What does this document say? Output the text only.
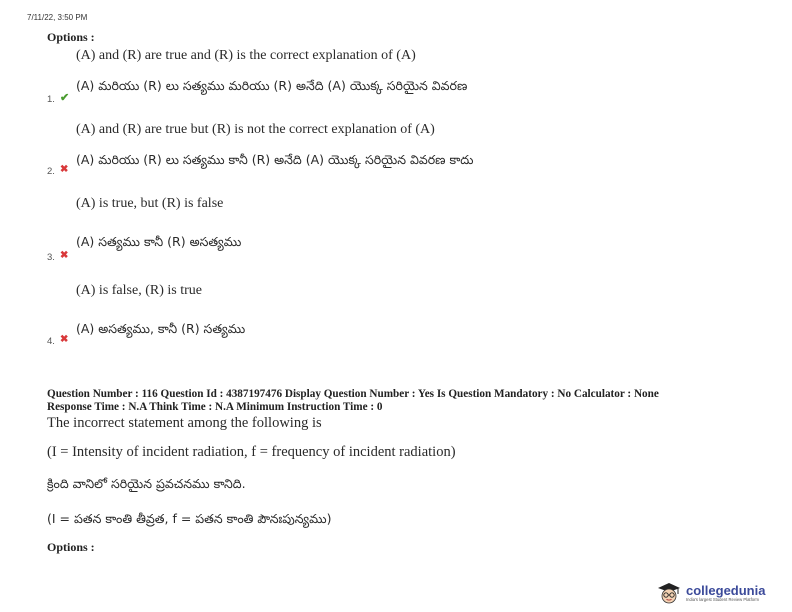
7/11/22, 3:50 PM
Options :
(A) and (R) are true and (R) is the correct explanation of (A)
(A) మరియు (R) లు సత్యము మరియు (R) అనేది (A) యొక్క సరియైన వివరణ
1. ✔
(A) and (R) are true but (R) is not the correct explanation of (A)
(A) మరియు (R) లు సత్యము కానీ (R) అనేది (A) యొక్క సరియైన వివరణ కాదు
2. ✖
(A) is true, but (R) is false
(A) సత్యము కానీ (R) అసత్యము
3. ✖
(A) is false, (R) is true
(A) అసత్యము, కానీ (R) సత్యము
4. ✖
Question Number : 116 Question Id : 4387197476 Display Question Number : Yes Is Question Mandatory : No Calculator : None
Response Time : N.A Think Time : N.A Minimum Instruction Time : 0
The incorrect statement among the following is
(I = Intensity of incident radiation, f = frequency of incident radiation)
క్రింది వానిలో సరియైన ప్రవచనము కానిది.
(I = పతన కాంతి తీవ్రత, f = పతన కాంతి పౌనఃపున్యము)
Options :
collegedunia
India's largest Student Review Platform
